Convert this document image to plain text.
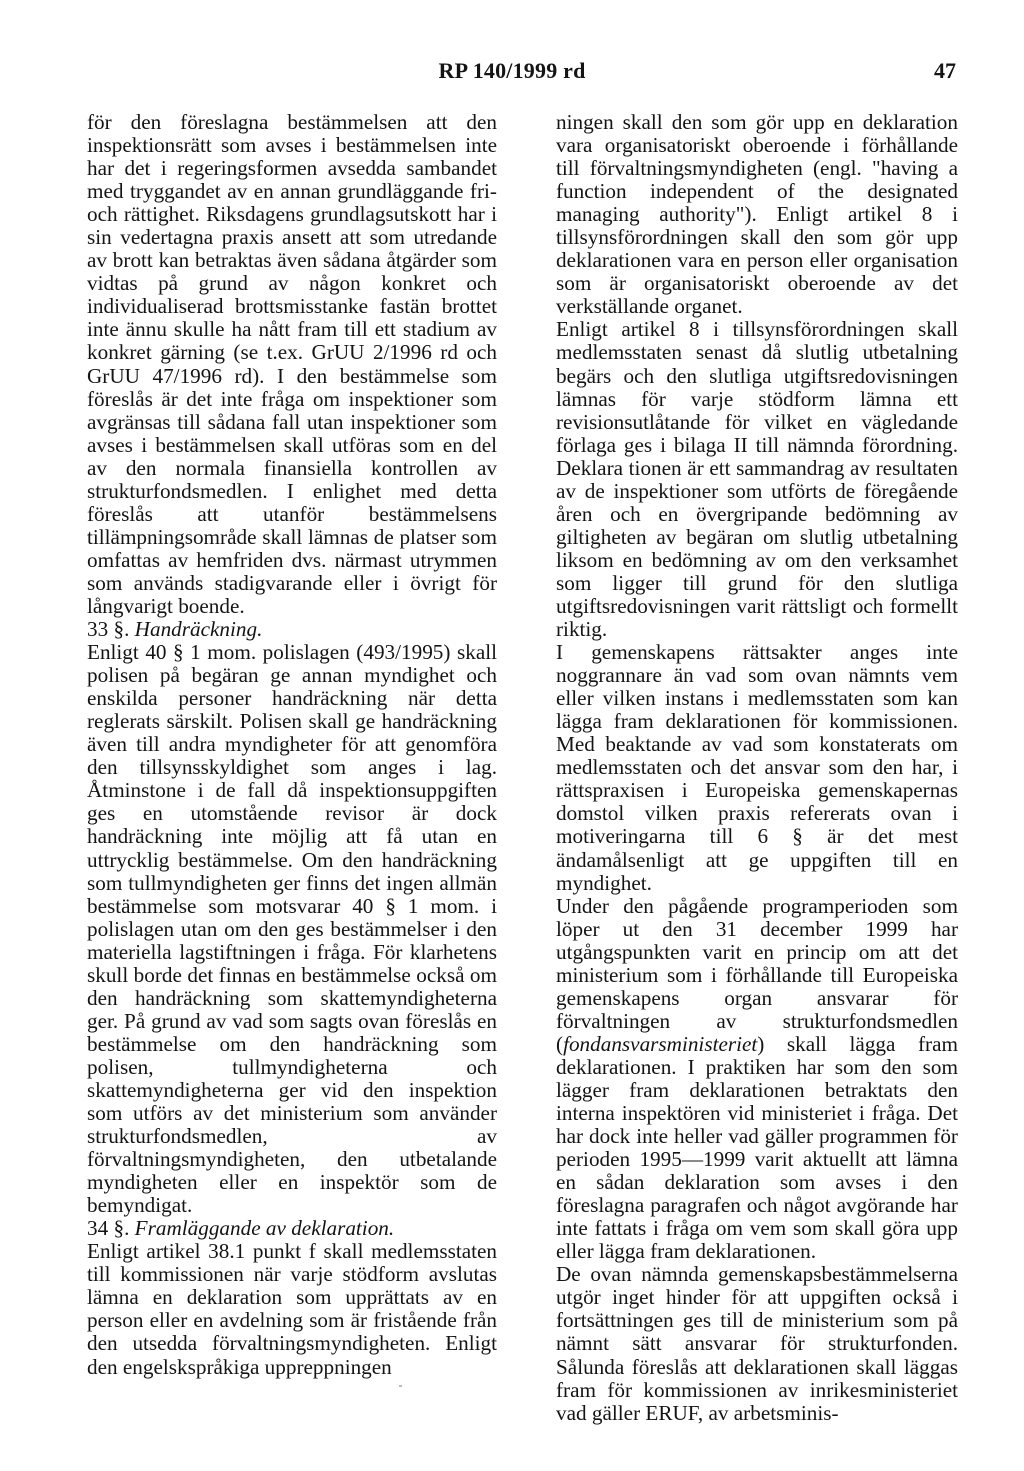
RP 140/1999 rd	47

för den föreslagna bestämmelsen att den inspektionsrätt som avses i bestämmelsen inte har det i regeringsformen avsedda sambandet med tryggandet av en annan grundläggande fri- och rättighet. Riksdagens grundlagsutskott har i sin vedertagna praxis ansett att som utredande av brott kan betraktas även sådana åtgärder som vidtas på grund av någon konkret och individualiserad brottsmisstanke fastän brottet inte ännu skulle ha nått fram till ett stadium av konkret gärning (se t.ex. GrUU 2/1996 rd och GrUU 47/1996 rd). I den bestämmelse som föreslås är det inte fråga om inspektioner som avgränsas till sådana fall utan inspektioner som avses i bestämmelsen skall utföras som en del av den normala finansiella kontrollen av strukturfondsmedlen. I enlighet med detta föreslås att utanför bestämmelsens tillämpningsområde skall lämnas de platser som omfattas av hemfriden dvs. närmast utrymmen som används stadigvarande eller i övrigt för långvarigt boende.

33 §. Handräckning.

Enligt 40 § 1 mom. polislagen (493/1995) skall polisen på begäran ge annan myndighet och enskilda personer handräckning när detta reglerats särskilt. Polisen skall ge handräckning även till andra myndigheter för att genomföra den tillsynsskyldighet som anges i lag. Åtminstone i de fall då inspektionsuppgiften ges en utomstående revisor är dock handräckning inte möjlig att få utan en uttrycklig bestämmelse. Om den handräckning som tullmyndigheten ger finns det ingen allmän bestämmelse som motsvarar 40 § 1 mom. i polislagen utan om den ges bestämmelser i den materiella lagstiftningen i fråga. För klarhetens skull borde det finnas en bestämmelse också om den handräckning som skattemyndigheterna ger. På grund av vad som sagts ovan föreslås en bestämmelse om den handräckning som polisen, tullmyndigheterna och skattemyndigheterna ger vid den inspektion som utförs av det ministerium som använder strukturfondsmedlen, av förvaltningsmyndigheten, den utbetalande myndigheten eller en inspektör som de bemyndigat.

34 §. Framläggande av deklaration.

Enligt artikel 38.1 punkt f skall medlemsstaten till kommissionen när varje stödform avslutas lämna en deklaration som upprättats av en person eller en avdelning som är fristående från den utsedda förvaltningsmyndigheten. Enligt den engelskspråkiga uppreppningen

ningen skall den som gör upp en deklaration vara organisatoriskt oberoende i förhållande till förvaltningsmyndigheten (engl. "having a function independent of the designated managing authority"). Enligt artikel 8 i tillsynsförordningen skall den som gör upp deklarationen vara en person eller organisation som är organisatoriskt oberoende av det verkställande organet.

Enligt artikel 8 i tillsynsförordningen skall medlemsstaten senast då slutlig utbetalning begärs och den slutliga utgiftsredovisningen lämnas för varje stödform lämna ett revisionsutlåtande för vilket en vägledande förlaga ges i bilaga II till nämnda förordning. Deklara tionen är ett sammandrag av resultaten av de inspektioner som utförts de föregående åren och en övergripande bedömning av giltigheten av begäran om slutlig utbetalning liksom en bedömning av om den verksamhet som ligger till grund för den slutliga utgiftsredovisningen varit rättsligt och formellt riktig.

I gemenskapens rättsakter anges inte noggrannare än vad som ovan nämnts vem eller vilken instans i medlemsstaten som kan lägga fram deklarationen för kommissionen. Med beaktande av vad som konstaterats om medlemsstaten och det ansvar som den har, i rättspraxisen i Europeiska gemenskapernas domstol vilken praxis refererats ovan i motiveringarna till 6 § är det mest ändamålsenligt att ge uppgiften till en myndighet.

Under den pågående programperioden som löper ut den 31 december 1999 har utgångspunkten varit en princip om att det ministerium som i förhållande till Europeiska gemenskapens organ ansvarar för förvaltningen av strukturfondsmedlen (fondansvarsministeriet) skall lägga fram deklarationen. I praktiken har som den som lägger fram deklarationen betraktats den interna inspektören vid ministeriet i fråga. Det har dock inte heller vad gäller programmen för perioden 1995—1999 varit aktuellt att lämna en sådan deklaration som avses i den föreslagna paragrafen och något avgörande har inte fattats i fråga om vem som skall göra upp eller lägga fram deklarationen.

De ovan nämnda gemenskapsbestämmelserna utgör inget hinder för att uppgiften också i fortsättningen ges till de ministerium som på nämnt sätt ansvarar för strukturfonden. Sålunda föreslås att deklarationen skall läggas fram för kommissionen av inrikesministeriet vad gäller ERUF, av arbetsminis-
